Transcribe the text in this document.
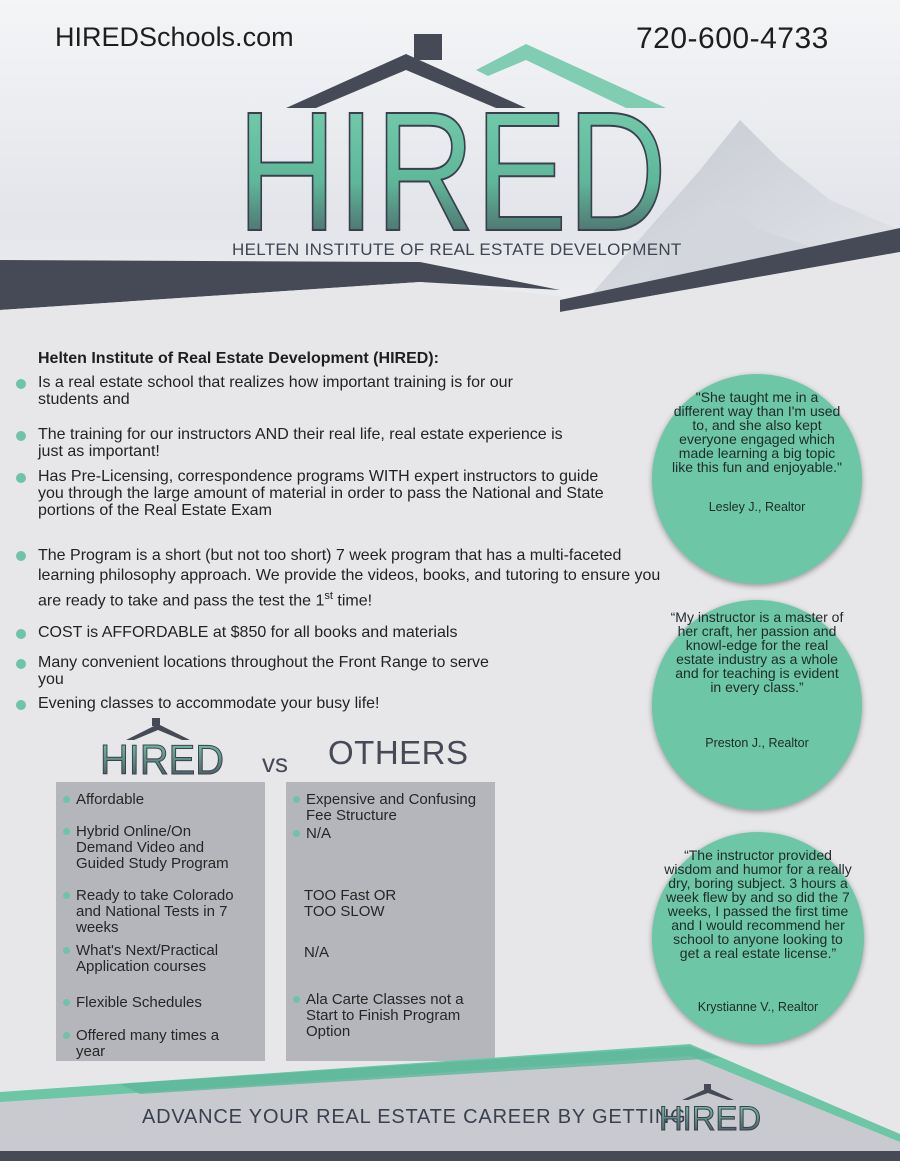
HIREDSchools.com	720-600-4733
HIRED
HELTEN INSTITUTE OF REAL ESTATE DEVELOPMENT
Helten Institute of Real Estate Development (HIRED):
Is a real estate school that realizes how important training is for our students and
The training for our instructors AND their real life, real estate experience is just as important!
Has Pre-Licensing, correspondence programs WITH expert instructors to guide you through the large amount of material in order to pass the National and State portions of the Real Estate Exam
The Program is a short (but not too short) 7 week program that has a multi-faceted learning philosophy approach. We provide the videos, books, and tutoring to ensure you are ready to take and pass the test the 1st time!
COST is AFFORDABLE at $850 for all books and materials
Many convenient locations throughout the Front Range to serve you
Evening classes to accommodate your busy life!
"She taught me in a different way than I'm used to, and she also kept everyone engaged which made learning a big topic like this fun and enjoyable."
Lesley J., Realtor
“My instructor is a master of her craft, her passion and knowl-edge for the real estate industry as a whole and for teaching is evident in every class.”
Preston J., Realtor
“The instructor provided wisdom and humor for a really dry, boring subject. 3 hours a week flew by and so did the 7 weeks, I passed the first time and I would recommend her school to anyone looking to get a real estate license.”
Krystianne V., Realtor
HIRED vs OTHERS
Affordable
Hybrid Online/On Demand Video and Guided Study Program
Ready to take Colorado and National Tests in 7 weeks
What's Next/Practical Application courses
Flexible Schedules
Offered many times a year
Expensive and Confusing Fee Structure
N/A
TOO Fast OR TOO SLOW
N/A
Ala Carte Classes not a Start to Finish Program Option
ADVANCE YOUR REAL ESTATE CAREER BY GETTING
HIRED
